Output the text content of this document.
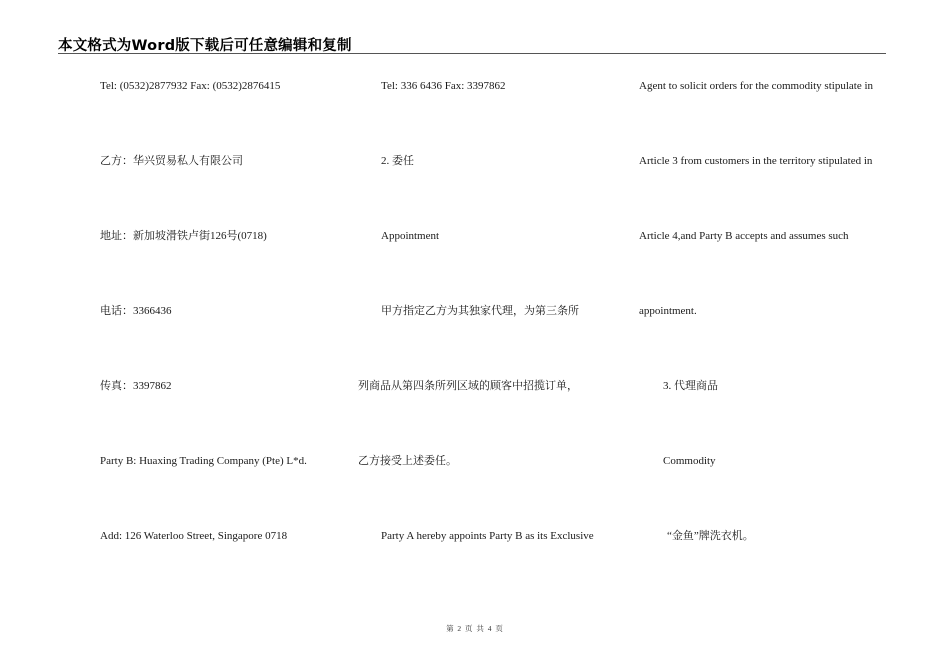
本文格式为Word版下载后可任意编辑和复制
Tel: (0532)2877932 Fax: (0532)2876415
乙方：华兴贸易私人有限公司
地址：新加坡滑铁卢街126号(0718)
电话：3366436
传真：3397862
Party B: Huaxing Trading Company (Pte) L*d.
Add: 126 Waterloo Street, Singapore 0718
Tel: 336 6436 Fax: 3397862
2. 委任
Appointment
甲方指定乙方为其独家代理，为第三条所
列商品从第四条所列区域的顾客中招揽订单，
乙方接受上述委任。
Party A hereby appoints Party B as its Exclusive
Agent to solicit orders for the commodity stipulate in
Article 3 from customers in the territory stipulated in
Article 4,and Party B accepts and assumes such
appointment.
3. 代理商品
Commodity
“金鱼”牌洗衣机。
第 2 页 共 4 页
